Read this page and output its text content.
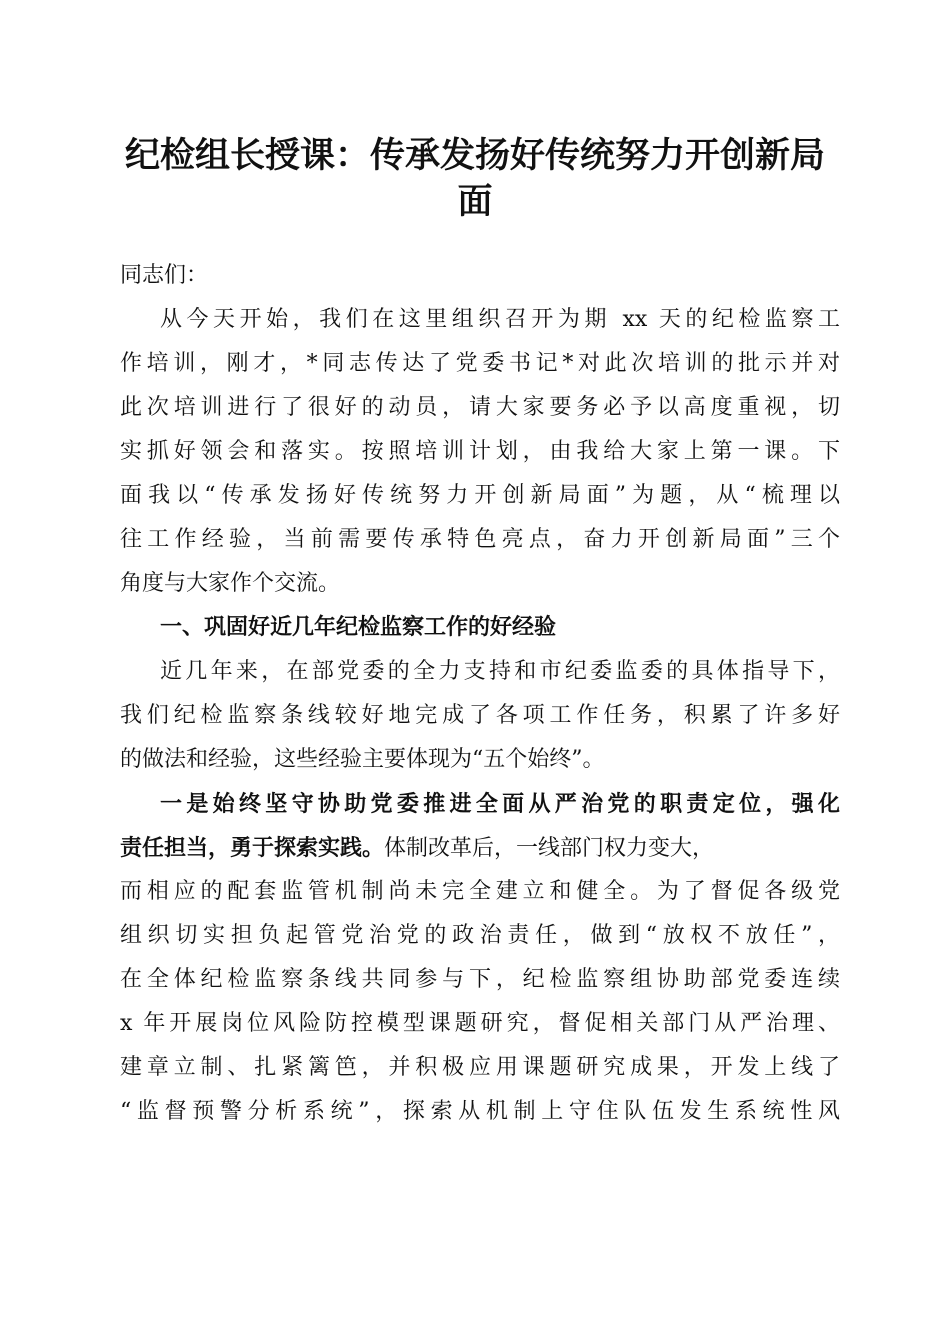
纪检组长授课：传承发扬好传统努力开创新局
面

同志们：

从今天开始，我们在这里组织召开为期 xx 天的纪检监察工
作培训，刚才，*同志传达了党委书记*对此次培训的批示并对
此次培训进行了很好的动员，请大家要务必予以高度重视，切
实抓好领会和落实。按照培训计划，由我给大家上第一课。下
面我以“传承发扬好传统努力开创新局面”为题，从“梳理以
往工作经验，当前需要传承特色亮点，奋力开创新局面”三个
角度与大家作个交流。

一、巩固好近几年纪检监察工作的好经验

近几年来，在部党委的全力支持和市纪委监委的具体指导下，
我们纪检监察条线较好地完成了各项工作任务，积累了许多好
的做法和经验，这些经验主要体现为“五个始终”。

一是始终坚守协助党委推进全面从严治党的职责定位，强化
责任担当，勇于探索实践。体制改革后，一线部门权力变大，
而相应的配套监管机制尚未完全建立和健全。为了督促各级党
组织切实担负起管党治党的政治责任，做到“放权不放任”，
在全体纪检监察条线共同参与下，纪检监察组协助部党委连续
x 年开展岗位风险防控模型课题研究，督促相关部门从严治理、
建章立制、扎紧篱笆，并积极应用课题研究成果，开发上线了
“监督预警分析系统”，探索从机制上守住队伍发生系统性风
